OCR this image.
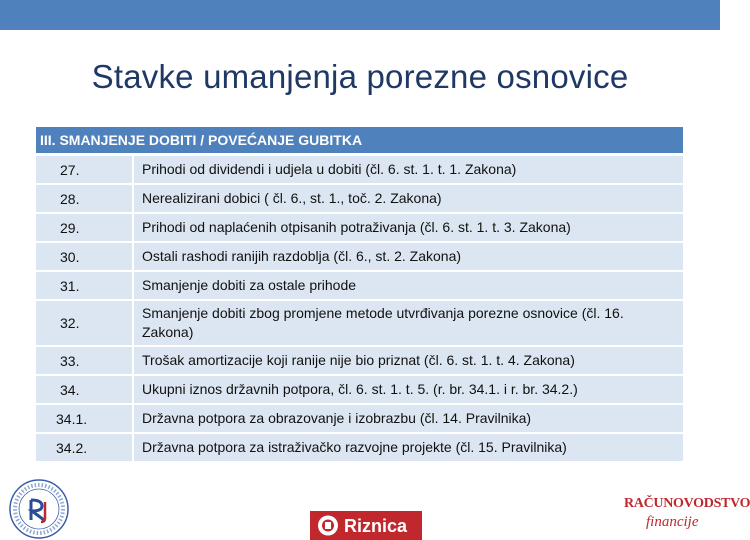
Stavke umanjenja porezne osnovice
III. SMANJENJE DOBITI / POVEĆANJE GUBITKA	
27.	Prihodi od dividendi i udjela u dobiti (čl. 6. st. 1. t. 1. Zakona)
28.	Nerealizirani dobici ( čl. 6., st. 1., toč. 2. Zakona)
29.	Prihodi od naplaćenih otpisanih potraživanja (čl. 6. st. 1. t. 3. Zakona)
30.	Ostali rashodi ranijih razdoblja (čl. 6., st. 2. Zakona)
31.	Smanjenje dobiti za ostale prihode
32.	Smanjenje dobiti zbog promjene metode utvrđivanja porezne osnovice (čl. 16. Zakona)
33.	Trošak amortizacije koji ranije nije bio priznat (čl. 6. st. 1. t. 4. Zakona)
34.	Ukupni iznos državnih potpora, čl. 6. st. 1. t. 5. (r. br. 34.1. i r. br. 34.2.)
34.1.	Državna potpora za obrazovanje i izobrazbu (čl. 14. Pravilnika)
34.2.	Državna potpora za istraživačko razvojne projekte (čl. 15. Pravilnika)
Riznica
RAČUNOVODSTVO
financije
